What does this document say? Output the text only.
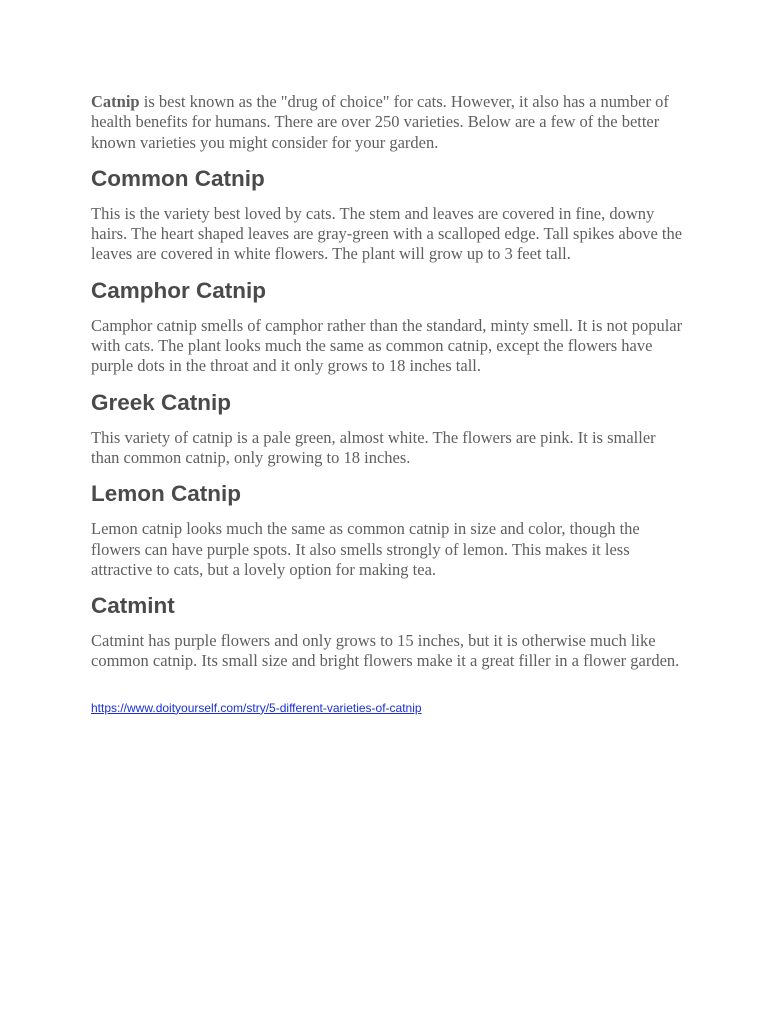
Catnip is best known as the "drug of choice" for cats. However, it also has a number of health benefits for humans. There are over 250 varieties. Below are a few of the better known varieties you might consider for your garden.

Common Catnip

This is the variety best loved by cats. The stem and leaves are covered in fine, downy hairs. The heart shaped leaves are gray-green with a scalloped edge. Tall spikes above the leaves are covered in white flowers. The plant will grow up to 3 feet tall.

Camphor Catnip

Camphor catnip smells of camphor rather than the standard, minty smell. It is not popular with cats. The plant looks much the same as common catnip, except the flowers have purple dots in the throat and it only grows to 18 inches tall.

Greek Catnip

This variety of catnip is a pale green, almost white. The flowers are pink. It is smaller than common catnip, only growing to 18 inches.

Lemon Catnip

Lemon catnip looks much the same as common catnip in size and color, though the flowers can have purple spots. It also smells strongly of lemon. This makes it less attractive to cats, but a lovely option for making tea.

Catmint

Catmint has purple flowers and only grows to 15 inches, but it is otherwise much like common catnip. Its small size and bright flowers make it a great filler in a flower garden.

https://www.doityourself.com/stry/5-different-varieties-of-catnip
